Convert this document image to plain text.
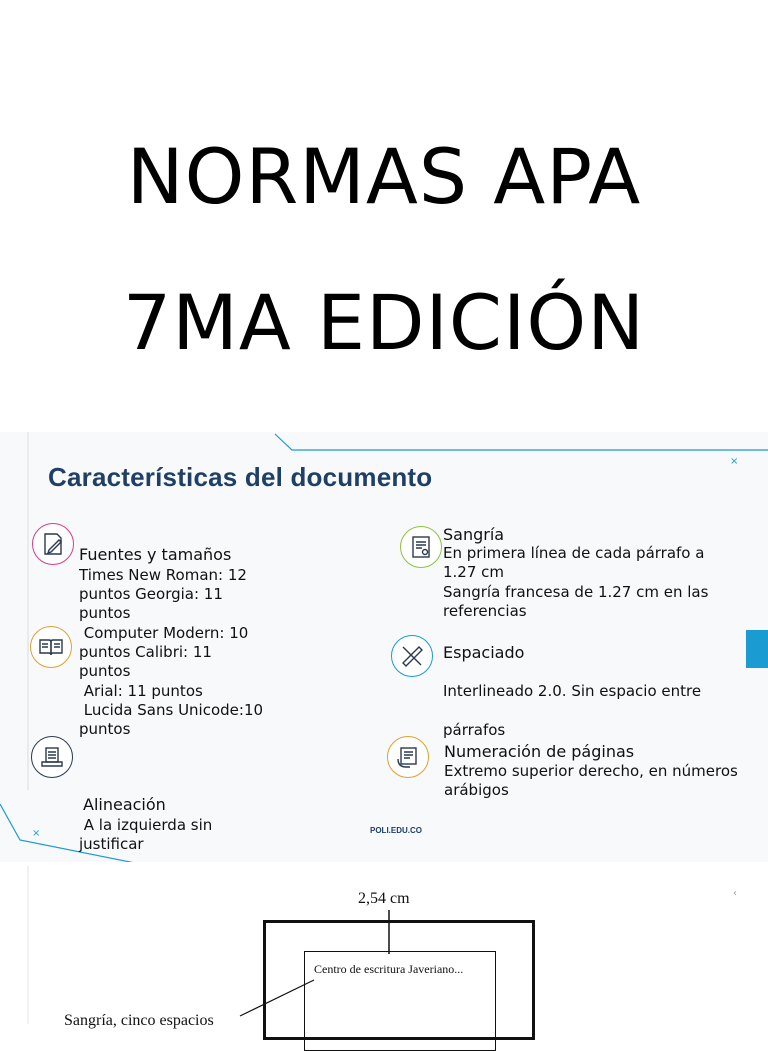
NORMAS APA
7MA EDICIÓN
×
×
Características del documento
Fuentes y tamaños
Times New Roman: 12
puntos Georgia: 11
puntos
Computer Modern: 10
puntos Calibri: 11
puntos
Arial: 11 puntos
Lucida Sans Unicode:10
puntos
Alineación
A la izquierda sin
justificar
Sangría
En primera línea de cada párrafo a
1.27 cm
Sangría francesa de 1.27 cm en las
referencias
Espaciado
Interlineado 2.0. Sin espacio entre
párrafos
Numeración de páginas
Extremo superior derecho, en números
arábigos
POLI.EDU.CO
‹
2,54 cm
Centro de escritura Javeriano...
Sangría, cinco espacios
